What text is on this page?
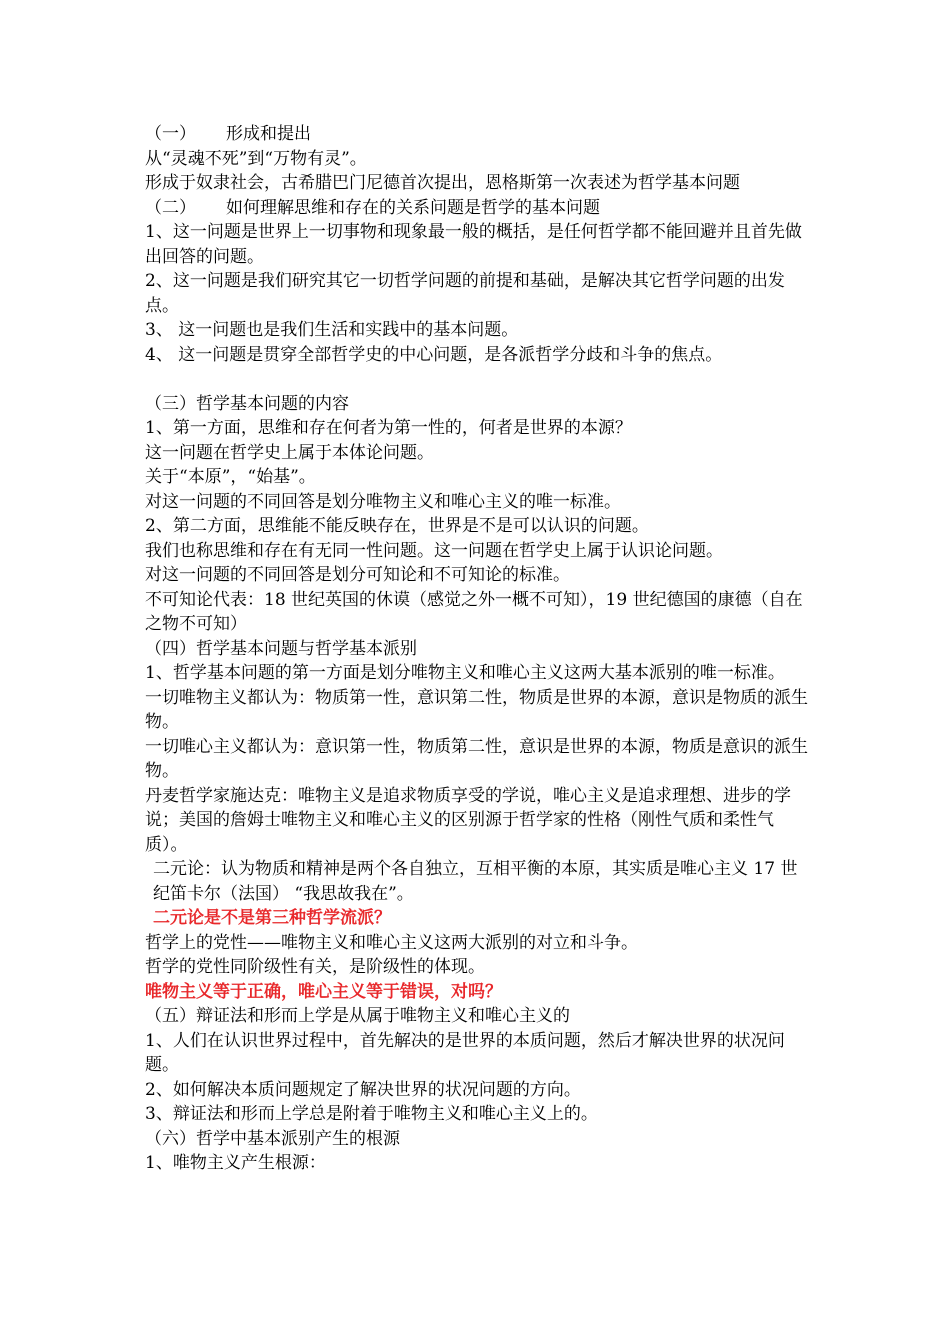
（一） 形成和提出

从“灵魂不死”到“万物有灵”。

形成于奴隶社会，古希腊巴门尼德首次提出，恩格斯第一次表述为哲学基本问题

（二） 如何理解思维和存在的关系问题是哲学的基本问题

1、这一问题是世界上一切事物和现象最一般的概括，是任何哲学都不能回避并且首先做出回答的问题。

2、这一问题是我们研究其它一切哲学问题的前提和基础，是解决其它哲学问题的出发点。

3、 这一问题也是我们生活和实践中的基本问题。

4、 这一问题是贯穿全部哲学史的中心问题，是各派哲学分歧和斗争的焦点。

（三）哲学基本问题的内容

1、第一方面，思维和存在何者为第一性的，何者是世界的本源？

这一问题在哲学史上属于本体论问题。

关于“本原”，“始基”。

对这一问题的不同回答是划分唯物主义和唯心主义的唯一标准。

2、第二方面，思维能不能反映存在，世界是不是可以认识的问题。

我们也称思维和存在有无同一性问题。这一问题在哲学史上属于认识论问题。

对这一问题的不同回答是划分可知论和不可知论的标准。

不可知论代表：18 世纪英国的休谟（感觉之外一概不可知），19 世纪德国的康德（自在之物不可知）

（四）哲学基本问题与哲学基本派别

1、哲学基本问题的第一方面是划分唯物主义和唯心主义这两大基本派别的唯一标准。

一切唯物主义都认为：物质第一性，意识第二性，物质是世界的本源，意识是物质的派生物。

一切唯心主义都认为：意识第一性，物质第二性，意识是世界的本源，物质是意识的派生物。

丹麦哲学家施达克：唯物主义是追求物质享受的学说，唯心主义是追求理想、进步的学说；美国的詹姆士唯物主义和唯心主义的区别源于哲学家的性格（刚性气质和柔性气质）。

二元论：认为物质和精神是两个各自独立，互相平衡的本原，其实质是唯心主义 17 世纪笛卡尔（法国） “我思故我在”。

二元论是不是第三种哲学流派？

哲学上的党性——唯物主义和唯心主义这两大派别的对立和斗争。

哲学的党性同阶级性有关，是阶级性的体现。

唯物主义等于正确，唯心主义等于错误，对吗？

（五）辩证法和形而上学是从属于唯物主义和唯心主义的

1、人们在认识世界过程中，首先解决的是世界的本质问题，然后才解决世界的状况问题。

2、如何解决本质问题规定了解决世界的状况问题的方向。

3、辩证法和形而上学总是附着于唯物主义和唯心主义上的。

（六）哲学中基本派别产生的根源

1、唯物主义产生根源：
